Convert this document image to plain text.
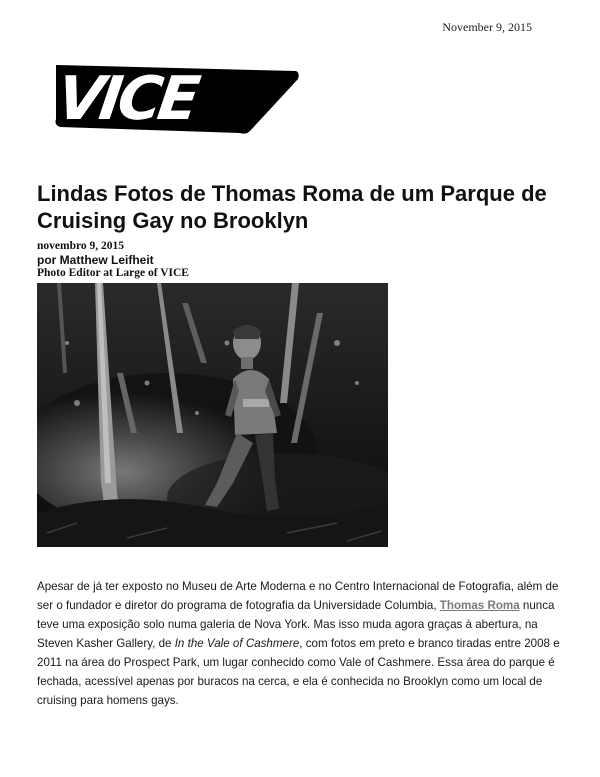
November 9, 2015
VICE
Lindas Fotos de Thomas Roma de um Parque de Cruising Gay no Brooklyn
novembro 9, 2015
por Matthew Leifheit
Photo Editor at Large of VICE

Apesar de já ter exposto no Museu de Arte Moderna e no Centro Internacional de Fotografia, além de ser o fundador e diretor do programa de fotografia da Universidade Columbia, Thomas Roma nunca teve uma exposição solo numa galeria de Nova York. Mas isso muda agora graças à abertura, na Steven Kasher Gallery, de In the Vale of Cashmere, com fotos em preto e branco tiradas entre 2008 e 2011 na área do Prospect Park, um lugar conhecido como Vale of Cashmere. Essa área do parque é fechada, acessível apenas por buracos na cerca, e ela é conhecida no Brooklyn como um local de cruising para homens gays.
